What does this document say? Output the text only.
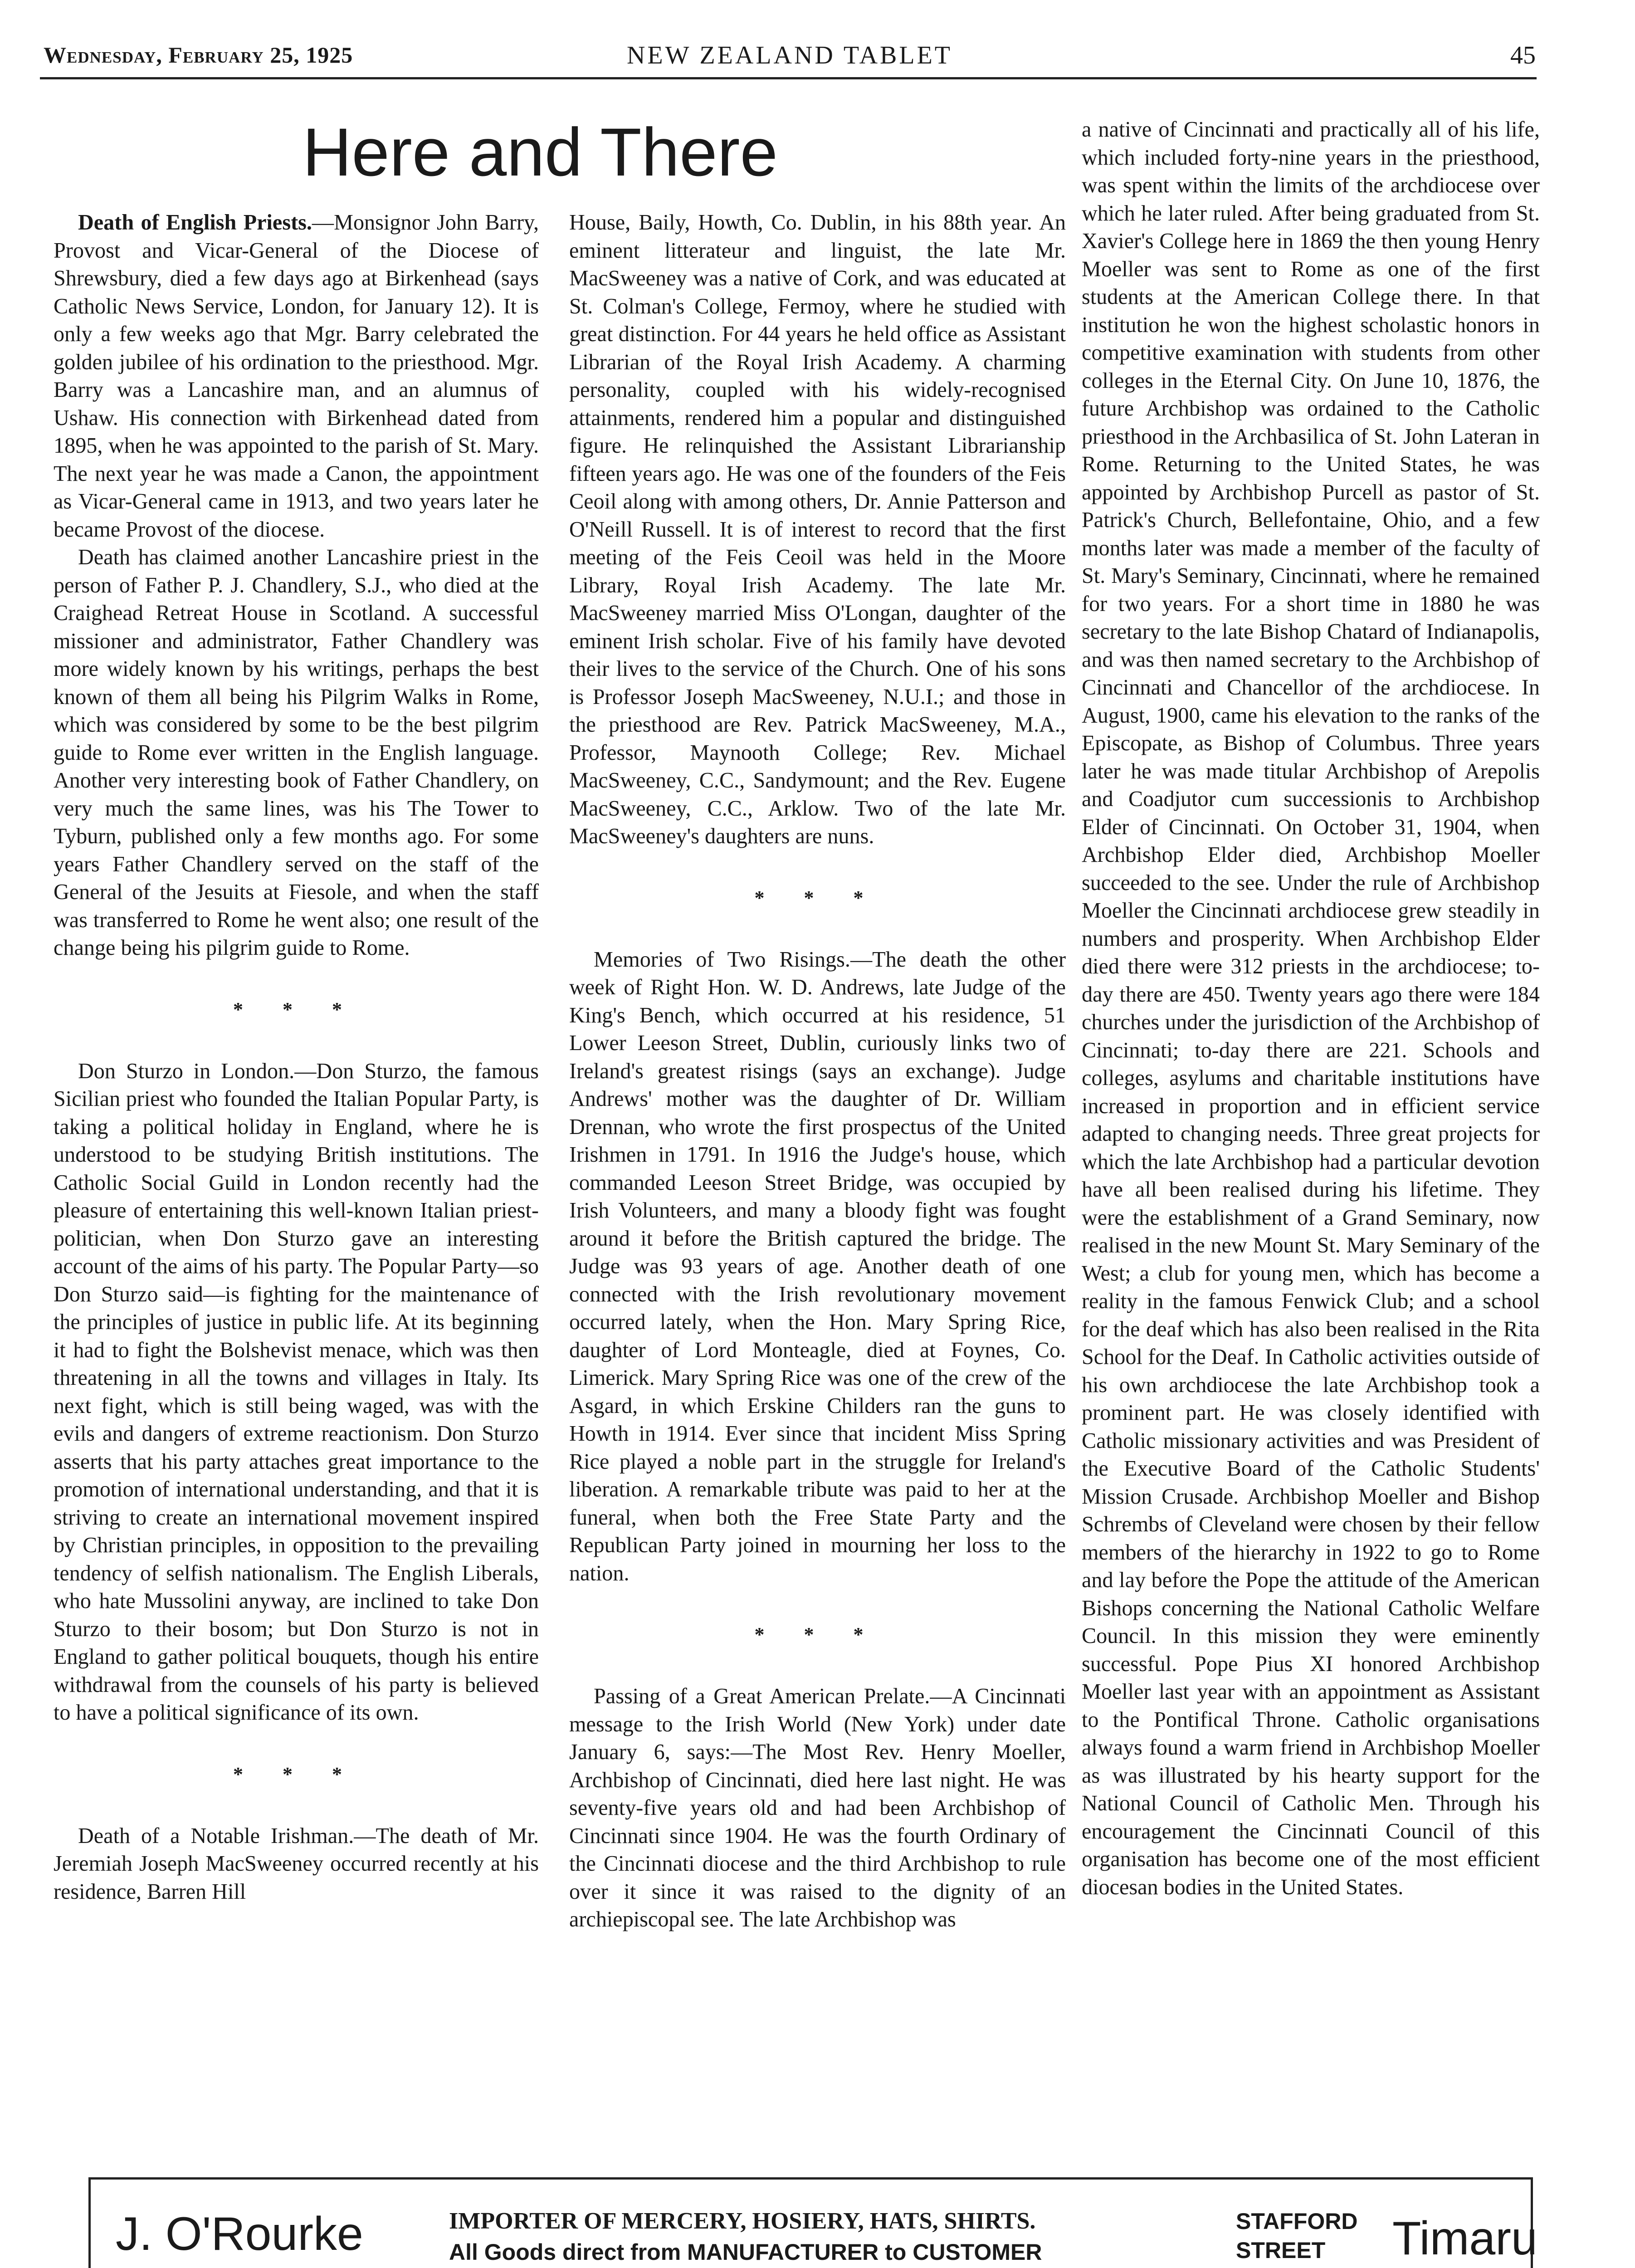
Wednesday, February 25, 1925	NEW ZEALAND TABLET	45
Here and There

Death of English Priests.—Monsignor John Barry, Provost and Vicar-General of the Diocese of Shrewsbury, died a few days ago at Birkenhead (says Catholic News Service, London, for January 12). It is only a few weeks ago that Mgr. Barry celebrated the golden jubilee of his ordination to the priesthood. Mgr. Barry was a Lancashire man, and an alumnus of Ushaw. His connection with Birkenhead dated from 1895, when he was appointed to the parish of St. Mary. The next year he was made a Canon, the appointment as Vicar-General came in 1913, and two years later he became Provost of the diocese.

Death has claimed another Lancashire priest in the person of Father P. J. Chandlery, S.J., who died at the Craighead Retreat House in Scotland. A successful missioner and administrator, Father Chandlery was more widely known by his writings, perhaps the best known of them all being his Pilgrim Walks in Rome, which was considered by some to be the best pilgrim guide to Rome ever written in the English language. Another very interesting book of Father Chandlery, on very much the same lines, was his The Tower to Tyburn, published only a few months ago. For some years Father Chandlery served on the staff of the General of the Jesuits at Fiesole, and when the staff was transferred to Rome he went also; one result of the change being his pilgrim guide to Rome.

* * *

Don Sturzo in London.—Don Sturzo, the famous Sicilian priest who founded the Italian Popular Party, is taking a political holiday in England, where he is understood to be studying British institutions. The Catholic Social Guild in London recently had the pleasure of entertaining this well-known Italian priest-politician, when Don Sturzo gave an interesting account of the aims of his party. The Popular Party—so Don Sturzo said—is fighting for the maintenance of the principles of justice in public life. At its beginning it had to fight the Bolshevist menace, which was then threatening in all the towns and villages in Italy. Its next fight, which is still being waged, was with the evils and dangers of extreme reactionism. Don Sturzo asserts that his party attaches great importance to the promotion of international understanding, and that it is striving to create an international movement inspired by Christian principles, in opposition to the prevailing tendency of selfish nationalism. The English Liberals, who hate Mussolini anyway, are inclined to take Don Sturzo to their bosom; but Don Sturzo is not in England to gather political bouquets, though his entire withdrawal from the counsels of his party is believed to have a political significance of its own.

* * *

Death of a Notable Irishman.—The death of Mr. Jeremiah Joseph MacSweeney occurred recently at his residence, Barren Hill

House, Baily, Howth, Co. Dublin, in his 88th year. An eminent litterateur and linguist, the late Mr. MacSweeney was a native of Cork, and was educated at St. Colman's College, Fermoy, where he studied with great distinction. For 44 years he held office as Assistant Librarian of the Royal Irish Academy. A charming personality, coupled with his widely-recognised attainments, rendered him a popular and distinguished figure. He relinquished the Assistant Librarianship fifteen years ago. He was one of the founders of the Feis Ceoil along with among others, Dr. Annie Patterson and O'Neill Russell. It is of interest to record that the first meeting of the Feis Ceoil was held in the Moore Library, Royal Irish Academy. The late Mr. MacSweeney married Miss O'Longan, daughter of the eminent Irish scholar. Five of his family have devoted their lives to the service of the Church. One of his sons is Professor Joseph MacSweeney, N.U.I.; and those in the priesthood are Rev. Patrick MacSweeney, M.A., Professor, Maynooth College; Rev. Michael MacSweeney, C.C., Sandymount; and the Rev. Eugene MacSweeney, C.C., Arklow. Two of the late Mr. MacSweeney's daughters are nuns.

* * *

Memories of Two Risings.—The death the other week of Right Hon. W. D. Andrews, late Judge of the King's Bench, which occurred at his residence, 51 Lower Leeson Street, Dublin, curiously links two of Ireland's greatest risings (says an exchange). Judge Andrews' mother was the daughter of Dr. William Drennan, who wrote the first prospectus of the United Irishmen in 1791. In 1916 the Judge's house, which commanded Leeson Street Bridge, was occupied by Irish Volunteers, and many a bloody fight was fought around it before the British captured the bridge. The Judge was 93 years of age. Another death of one connected with the Irish revolutionary movement occurred lately, when the Hon. Mary Spring Rice, daughter of Lord Monteagle, died at Foynes, Co. Limerick. Mary Spring Rice was one of the crew of the Asgard, in which Erskine Childers ran the guns to Howth in 1914. Ever since that incident Miss Spring Rice played a noble part in the struggle for Ireland's liberation. A remarkable tribute was paid to her at the funeral, when both the Free State Party and the Republican Party joined in mourning her loss to the nation.

* * *

Passing of a Great American Prelate.—A Cincinnati message to the Irish World (New York) under date January 6, says:—The Most Rev. Henry Moeller, Archbishop of Cincinnati, died here last night. He was seventy-five years old and had been Archbishop of Cincinnati since 1904. He was the fourth Ordinary of the Cincinnati diocese and the third Archbishop to rule over it since it was raised to the dignity of an archiepiscopal see. The late Archbishop was

a native of Cincinnati and practically all of his life, which included forty-nine years in the priesthood, was spent within the limits of the archdiocese over which he later ruled. After being graduated from St. Xavier's College here in 1869 the then young Henry Moeller was sent to Rome as one of the first students at the American College there. In that institution he won the highest scholastic honors in competitive examination with students from other colleges in the Eternal City. On June 10, 1876, the future Archbishop was ordained to the Catholic priesthood in the Archbasilica of St. John Lateran in Rome. Returning to the United States, he was appointed by Archbishop Purcell as pastor of St. Patrick's Church, Bellefontaine, Ohio, and a few months later was made a member of the faculty of St. Mary's Seminary, Cincinnati, where he remained for two years. For a short time in 1880 he was secretary to the late Bishop Chatard of Indianapolis, and was then named secretary to the Archbishop of Cincinnati and Chancellor of the archdiocese. In August, 1900, came his elevation to the ranks of the Episcopate, as Bishop of Columbus. Three years later he was made titular Archbishop of Arepolis and Coadjutor cum successionis to Archbishop Elder of Cincinnati. On October 31, 1904, when Archbishop Elder died, Archbishop Moeller succeeded to the see. Under the rule of Archbishop Moeller the Cincinnati archdiocese grew steadily in numbers and prosperity. When Archbishop Elder died there were 312 priests in the archdiocese; to-day there are 450. Twenty years ago there were 184 churches under the jurisdiction of the Archbishop of Cincinnati; to-day there are 221. Schools and colleges, asylums and charitable institutions have increased in proportion and in efficient service adapted to changing needs. Three great projects for which the late Archbishop had a particular devotion have all been realised during his lifetime. They were the establishment of a Grand Seminary, now realised in the new Mount St. Mary Seminary of the West; a club for young men, which has become a reality in the famous Fenwick Club; and a school for the deaf which has also been realised in the Rita School for the Deaf. In Catholic activities outside of his own archdiocese the late Archbishop took a prominent part. He was closely identified with Catholic missionary activities and was President of the Executive Board of the Catholic Students' Mission Crusade. Archbishop Moeller and Bishop Schrembs of Cleveland were chosen by their fellow members of the hierarchy in 1922 to go to Rome and lay before the Pope the attitude of the American Bishops concerning the National Catholic Welfare Council. In this mission they were eminently successful. Pope Pius XI honored Archbishop Moeller last year with an appointment as Assistant to the Pontifical Throne. Catholic organisations always found a warm friend in Archbishop Moeller as was illustrated by his hearty support for the National Council of Catholic Men. Through his encouragement the Cincinnati Council of this organisation has become one of the most efficient diocesan bodies in the United States.

J. O'Rourke	IMPORTER OF MERCERY, HOSIERY, HATS, SHIRTS.
All Goods direct from MANUFACTURER to CUSTOMER
STAFFORD
STREET	Timaru
